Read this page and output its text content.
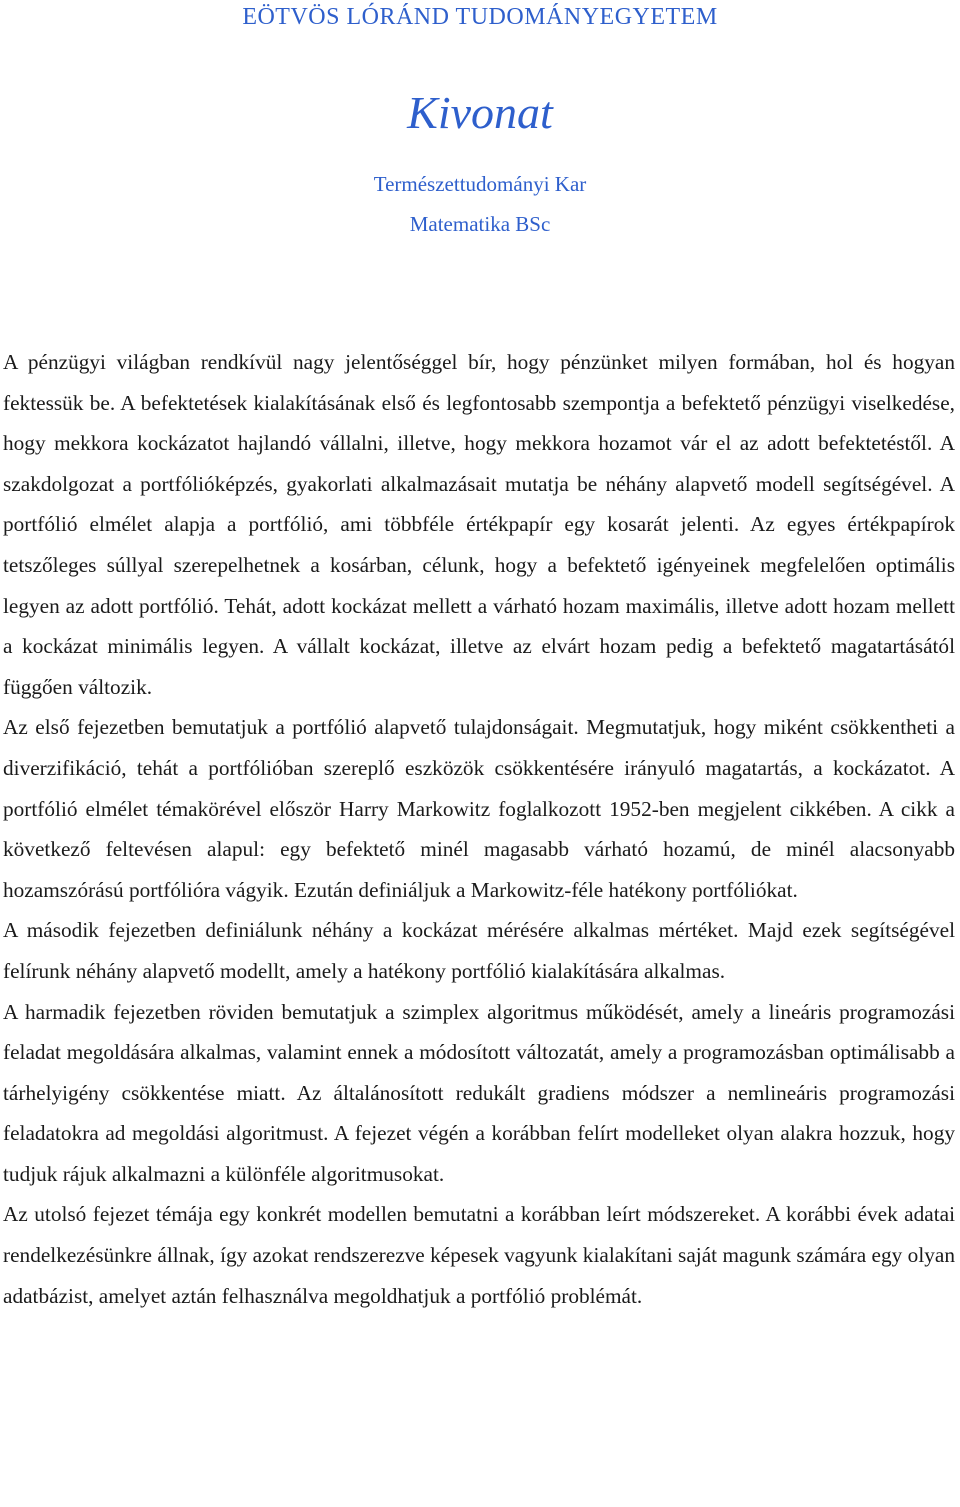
EÖTVÖS LÓRÁND TUDOMÁNYEGYETEM
Kivonat
Természettudományi Kar
Matematika BSc

A pénzügyi világban rendkívül nagy jelentőséggel bír, hogy pénzünket milyen formában, hol és hogyan fektessük be. A befektetések kialakításának első és legfontosabb szempontja a befektető pénzügyi viselkedése, hogy mekkora kockázatot hajlandó vállalni, illetve, hogy mekkora hozamot vár el az adott befektetéstől. A szakdolgozat a portfólióképzés, gyakorlati alkalmazásait mutatja be néhány alapvető modell segítségével. A portfólió elmélet alapja a portfólió, ami többféle értékpapír egy kosarát jelenti. Az egyes értékpapírok tetszőleges súllyal szerepelhetnek a kosárban, célunk, hogy a befektető igényeinek megfelelően optimális legyen az adott portfólió. Tehát, adott kockázat mellett a várható hozam maximális, illetve adott hozam mellett a kockázat minimális legyen. A vállalt kockázat, illetve az elvárt hozam pedig a befektető magatartásától függően változik.

Az első fejezetben bemutatjuk a portfólió alapvető tulajdonságait. Megmutatjuk, hogy miként csökkentheti a diverzifikáció, tehát a portfólióban szereplő eszközök csökkentésére irányuló magatartás, a kockázatot. A portfólió elmélet témakörével először Harry Markowitz foglalkozott 1952-ben megjelent cikkében. A cikk a következő feltevésen alapul: egy befektető minél magasabb várható hozamú, de minél alacsonyabb hozamszórású portfólióra vágyik. Ezután definiáljuk a Markowitz-féle hatékony portfóliókat.

A második fejezetben definiálunk néhány a kockázat mérésére alkalmas mértéket. Majd ezek segítségével felírunk néhány alapvető modellt, amely a hatékony portfólió kialakítására alkalmas.

A harmadik fejezetben röviden bemutatjuk a szimplex algoritmus működését, amely a lineáris programozási feladat megoldására alkalmas, valamint ennek a módosított változatát, amely a programozásban optimálisabb a tárhelyigény csökkentése miatt. Az általánosított redukált gradiens módszer a nemlineáris programozási feladatokra ad megoldási algoritmust. A fejezet végén a korábban felírt modelleket olyan alakra hozzuk, hogy tudjuk rájuk alkalmazni a különféle algoritmusokat.

Az utolsó fejezet témája egy konkrét modellen bemutatni a korábban leírt módszereket. A korábbi évek adatai rendelkezésünkre állnak, így azokat rendszerezve képesek vagyunk kialakítani saját magunk számára egy olyan adatbázist, amelyet aztán felhasználva megoldhatjuk a portfólió problémát.
